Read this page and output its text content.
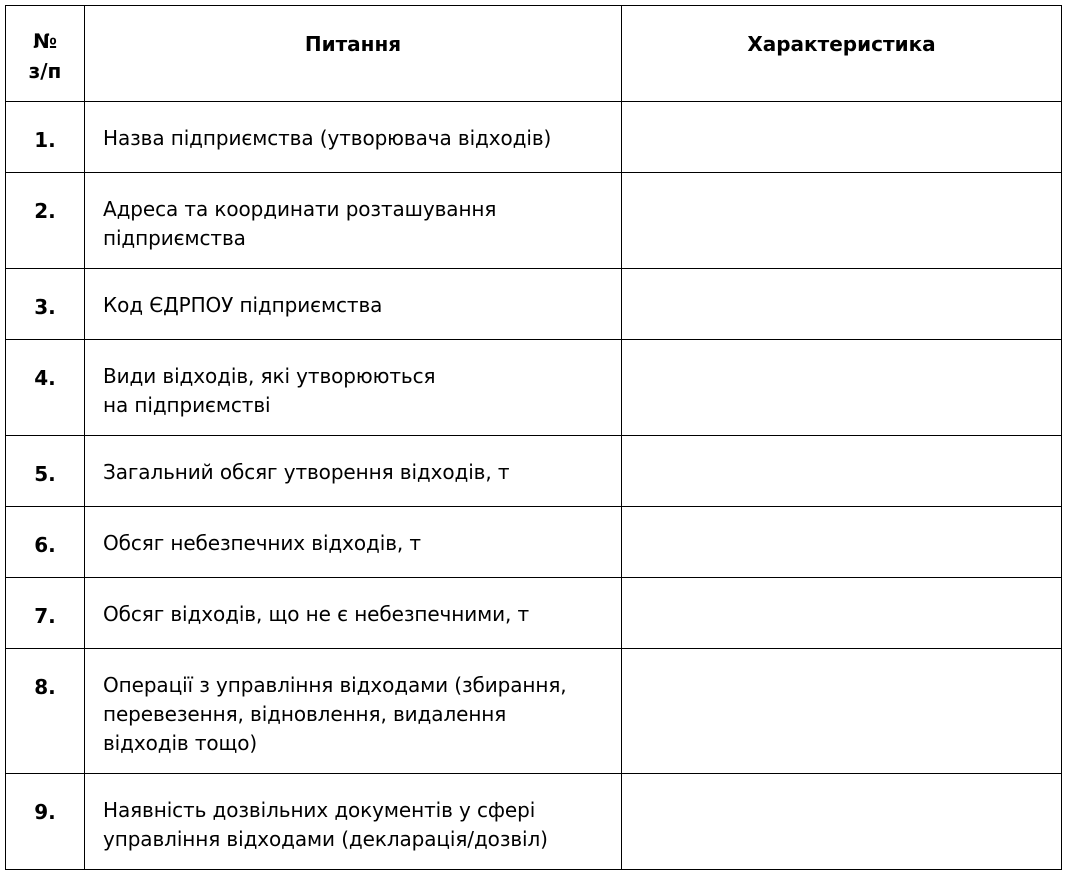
№
з/п	Питання	Характеристика

1.	Назва підприємства (утворювача відходів)	

2.	Адреса та координати розташування
підприємства	

3.	Код ЄДРПОУ підприємства	

4.	Види відходів, які утворюються
на підприємстві	

5.	Загальний обсяг утворення відходів, т	

6.	Обсяг небезпечних відходів, т	

7.	Обсяг відходів, що не є небезпечними, т	

8.	Операції з управління відходами (збирання,
перевезення, відновлення, видалення
відходів тощо)	

9.	Наявність дозвільних документів у сфері
управління відходами (декларація/дозвіл)	
